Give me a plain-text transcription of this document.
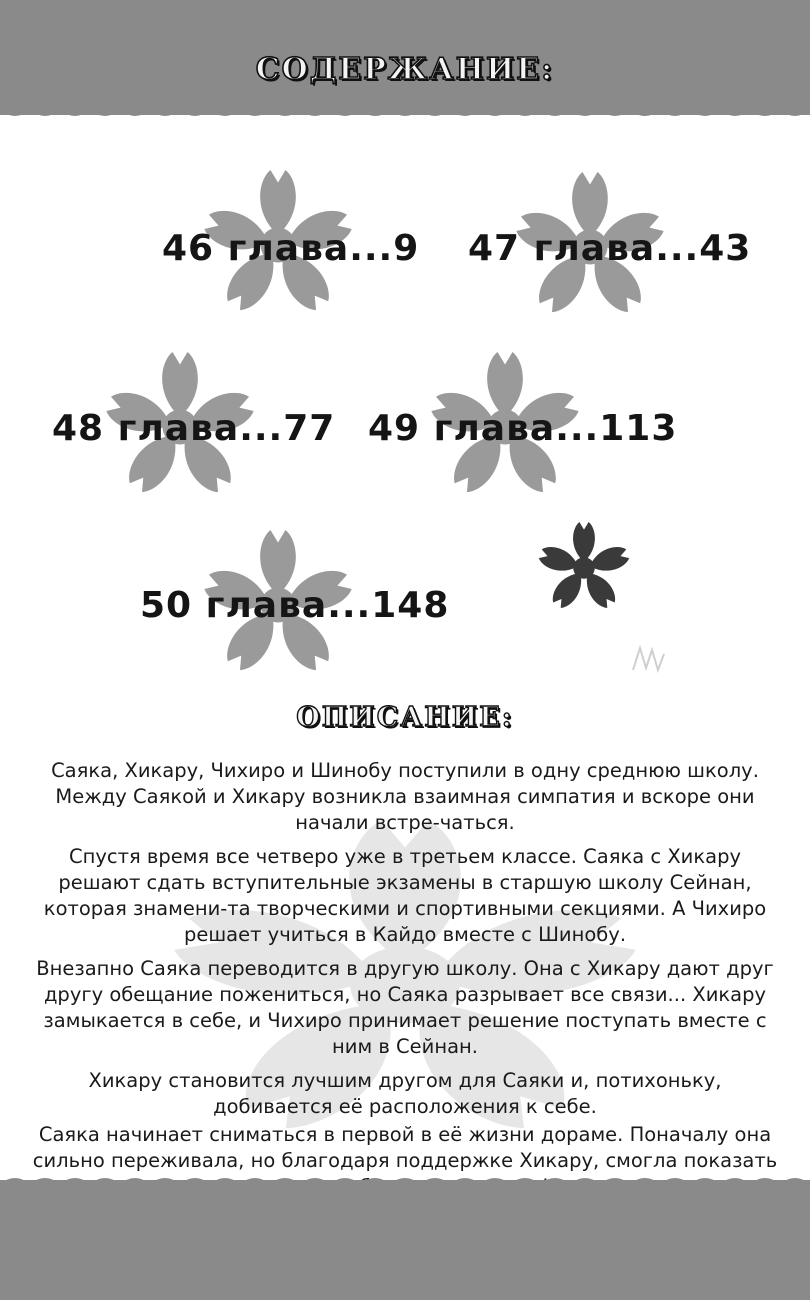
СОДЕРЖАНИЕ:
46 глава...9 47 глава...43
48 глава...77 49 глава...113
50 глава...148
ОПИСАНИЕ:

Саяка, Хикару, Чихиро и Шинобу поступили в одну среднюю школу. Между Саякой и Хикару возникла взаимная симпатия и вскоре они начали встре-чаться.

Спустя время все четверо уже в третьем классе. Саяка с Хикару решают сдать вступительные экзамены в старшую школу Сейнан, которая знамени-та творческими и спортивными секциями. А Чихиро решает учиться в Кайдо вместе с Шинобу.

Внезапно Саяка переводится в другую школу. Она с Хикару дают друг другу обещание пожениться, но Саяка разрывает все связи... Хикару замыкается в себе, и Чихиро принимает решение поступать вместе с ним в Сейнан.

Хикару становится лучшим другом для Саяки и, потихоньку, добивается её расположения к себе.

Саяка начинает сниматься в первой в её жизни дораме. Поначалу она сильно переживала, но благодаря поддержке Хикару, смогла показать
